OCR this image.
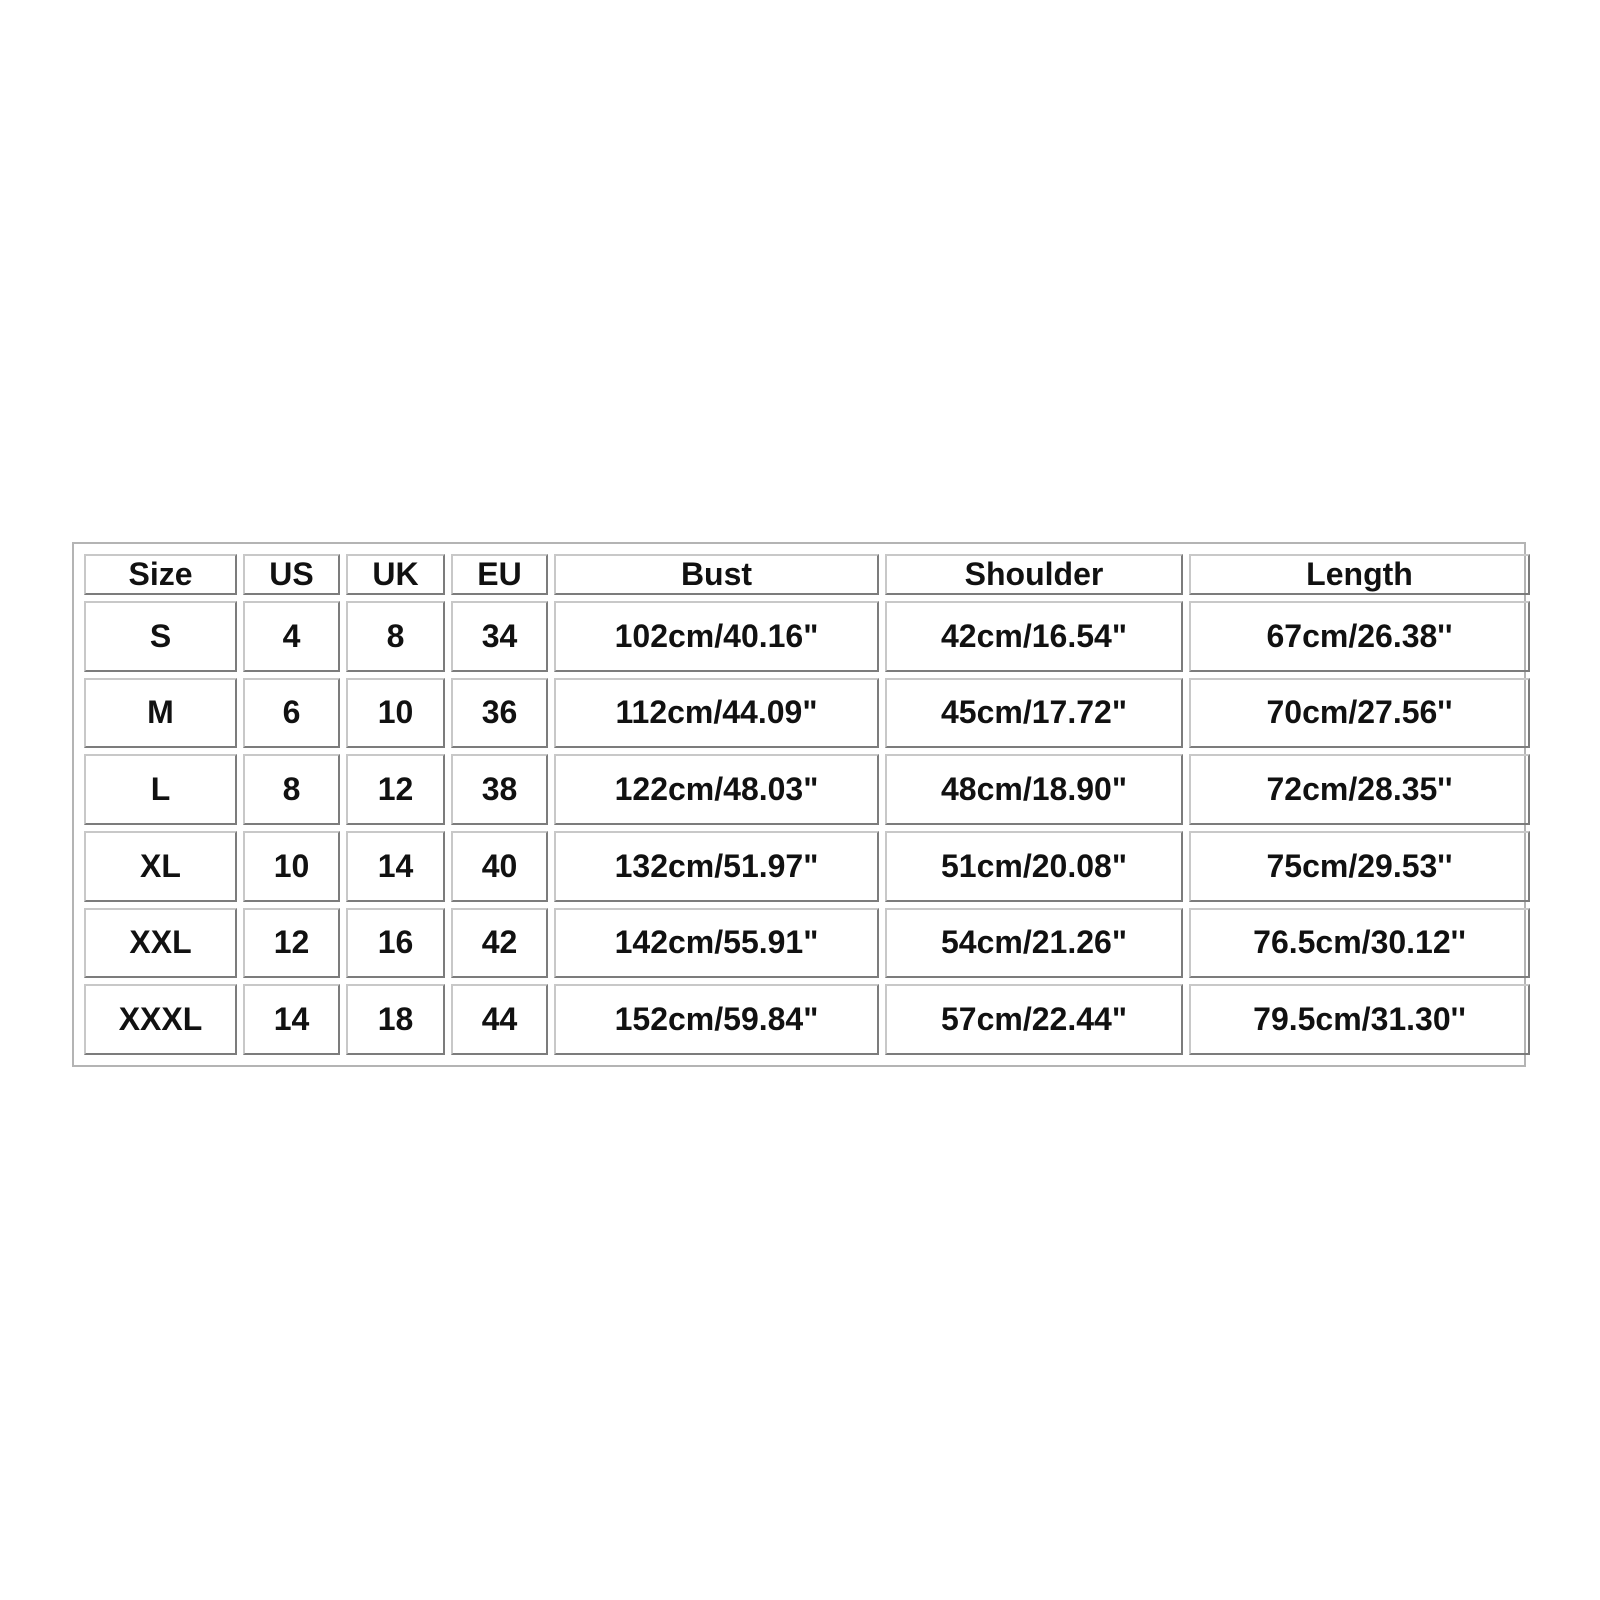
Size	US	UK	EU	Bust	Shoulder	Length
S	4	8	34	102cm/40.16"	42cm/16.54"	67cm/26.38''
M	6	10	36	112cm/44.09"	45cm/17.72"	70cm/27.56''
L	8	12	38	122cm/48.03"	48cm/18.90"	72cm/28.35''
XL	10	14	40	132cm/51.97"	51cm/20.08"	75cm/29.53''
XXL	12	16	42	142cm/55.91"	54cm/21.26"	76.5cm/30.12''
XXXL	14	18	44	152cm/59.84"	57cm/22.44"	79.5cm/31.30''
